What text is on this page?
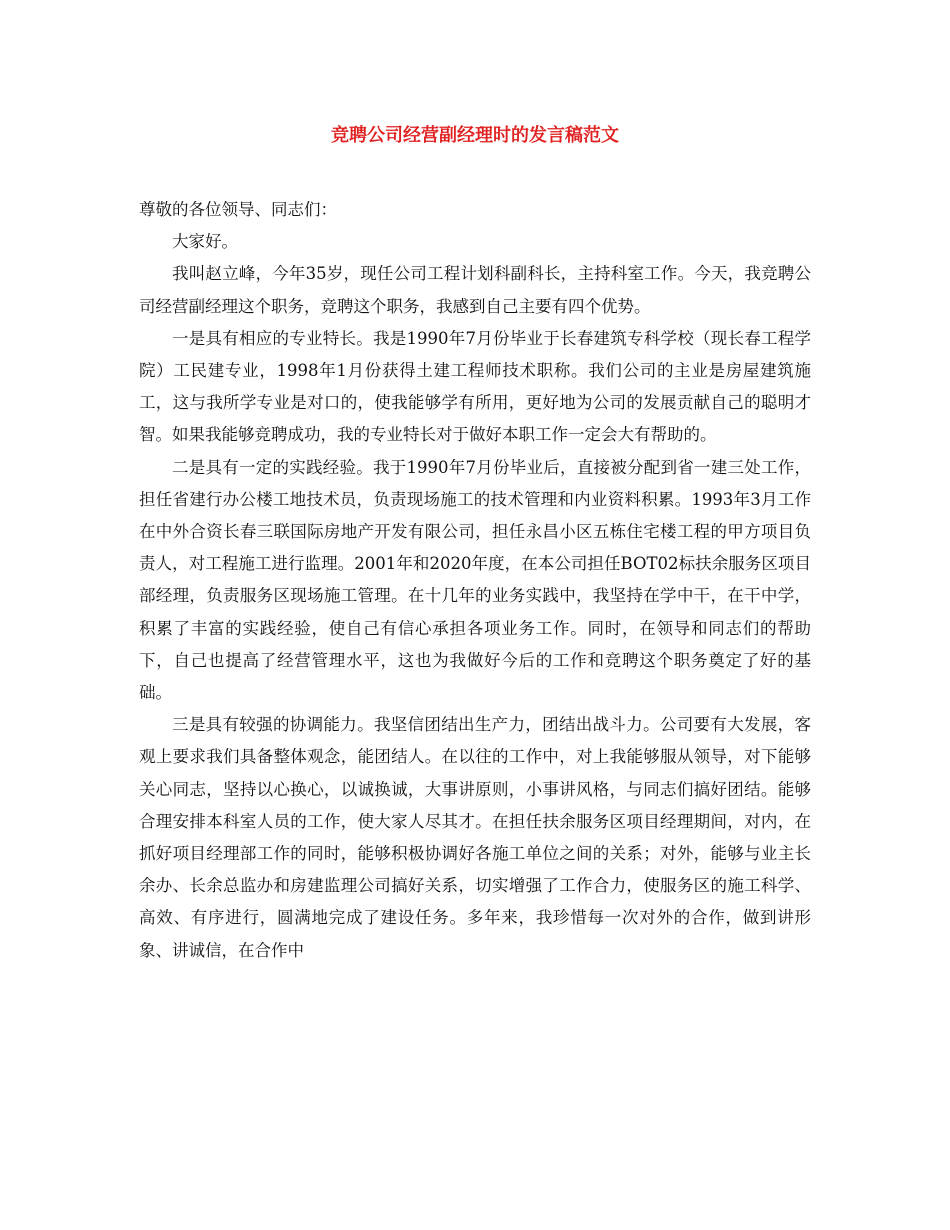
竞聘公司经营副经理时的发言稿范文

尊敬的各位领导、同志们：

大家好。

我叫赵立峰，今年35岁，现任公司工程计划科副科长，主持科室工作。今天，我竞聘公司经营副经理这个职务，竞聘这个职务，我感到自己主要有四个优势。

一是具有相应的专业特长。我是1990年7月份毕业于长春建筑专科学校（现长春工程学院）工民建专业，1998年1月份获得土建工程师技术职称。我们公司的主业是房屋建筑施工，这与我所学专业是对口的，使我能够学有所用，更好地为公司的发展贡献自己的聪明才智。如果我能够竞聘成功，我的专业特长对于做好本职工作一定会大有帮助的。

二是具有一定的实践经验。我于1990年7月份毕业后，直接被分配到省一建三处工作，担任省建行办公楼工地技术员，负责现场施工的技术管理和内业资料积累。1993年3月工作在中外合资长春三联国际房地产开发有限公司，担任永昌小区五栋住宅楼工程的甲方项目负责人，对工程施工进行监理。2001年和2020年度，在本公司担任BOT02标扶余服务区项目部经理，负责服务区现场施工管理。在十几年的业务实践中，我坚持在学中干，在干中学，积累了丰富的实践经验，使自己有信心承担各项业务工作。同时，在领导和同志们的帮助下，自己也提高了经营管理水平，这也为我做好今后的工作和竞聘这个职务奠定了好的基础。

三是具有较强的协调能力。我坚信团结出生产力，团结出战斗力。公司要有大发展，客观上要求我们具备整体观念，能团结人。在以往的工作中，对上我能够服从领导，对下能够关心同志，坚持以心换心，以诚换诚，大事讲原则，小事讲风格，与同志们搞好团结。能够合理安排本科室人员的工作，使大家人尽其才。在担任扶余服务区项目经理期间，对内，在抓好项目经理部工作的同时，能够积极协调好各施工单位之间的关系；对外，能够与业主长余办、长余总监办和房建监理公司搞好关系，切实增强了工作合力，使服务区的施工科学、高效、有序进行，圆满地完成了建设任务。多年来，我珍惜每一次对外的合作，做到讲形象、讲诚信，在合作中
